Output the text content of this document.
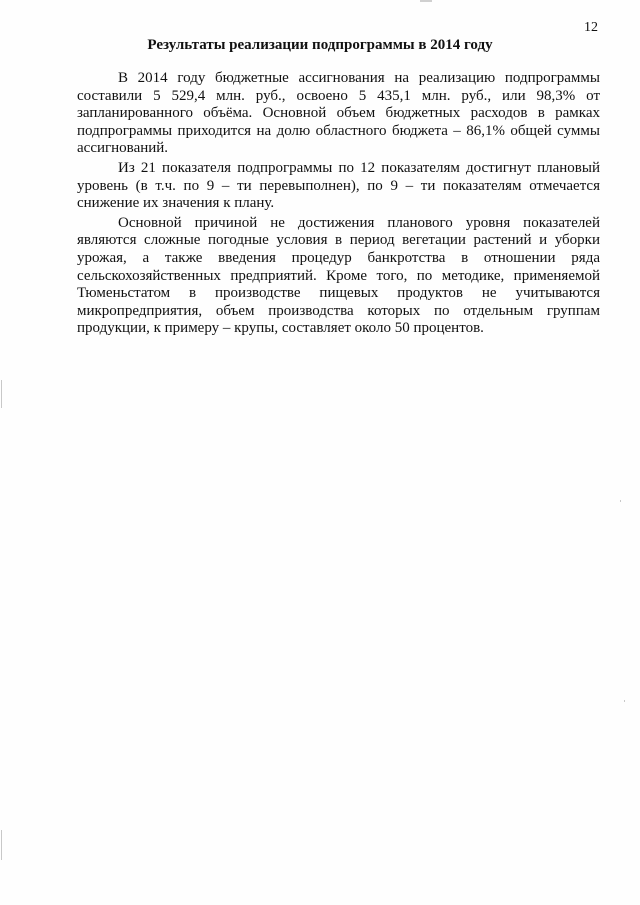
12
Результаты реализации подпрограммы в 2014 году

В 2014 году бюджетные ассигнования на реализацию подпрограммы составили 5 529,4 млн. руб., освоено 5 435,1 млн. руб., или 98,3% от запланированного объёма. Основной объем бюджетных расходов в рамках подпрограммы приходится на долю областного бюджета – 86,1% общей суммы ассигнований.

Из 21 показателя подпрограммы по 12 показателям достигнут плановый уровень (в т.ч. по 9 – ти перевыполнен), по 9 – ти показателям отмечается снижение их значения к плану.

Основной причиной не достижения планового уровня показателей являются сложные погодные условия в период вегетации растений и уборки урожая, а также введения процедур банкротства в отношении ряда сельскохозяйственных предприятий. Кроме того, по методике, применяемой Тюменьстатом в производстве пищевых продуктов не учитываются микропредприятия, объем производства которых по отдельным группам продукции, к примеру – крупы, составляет около 50 процентов.
